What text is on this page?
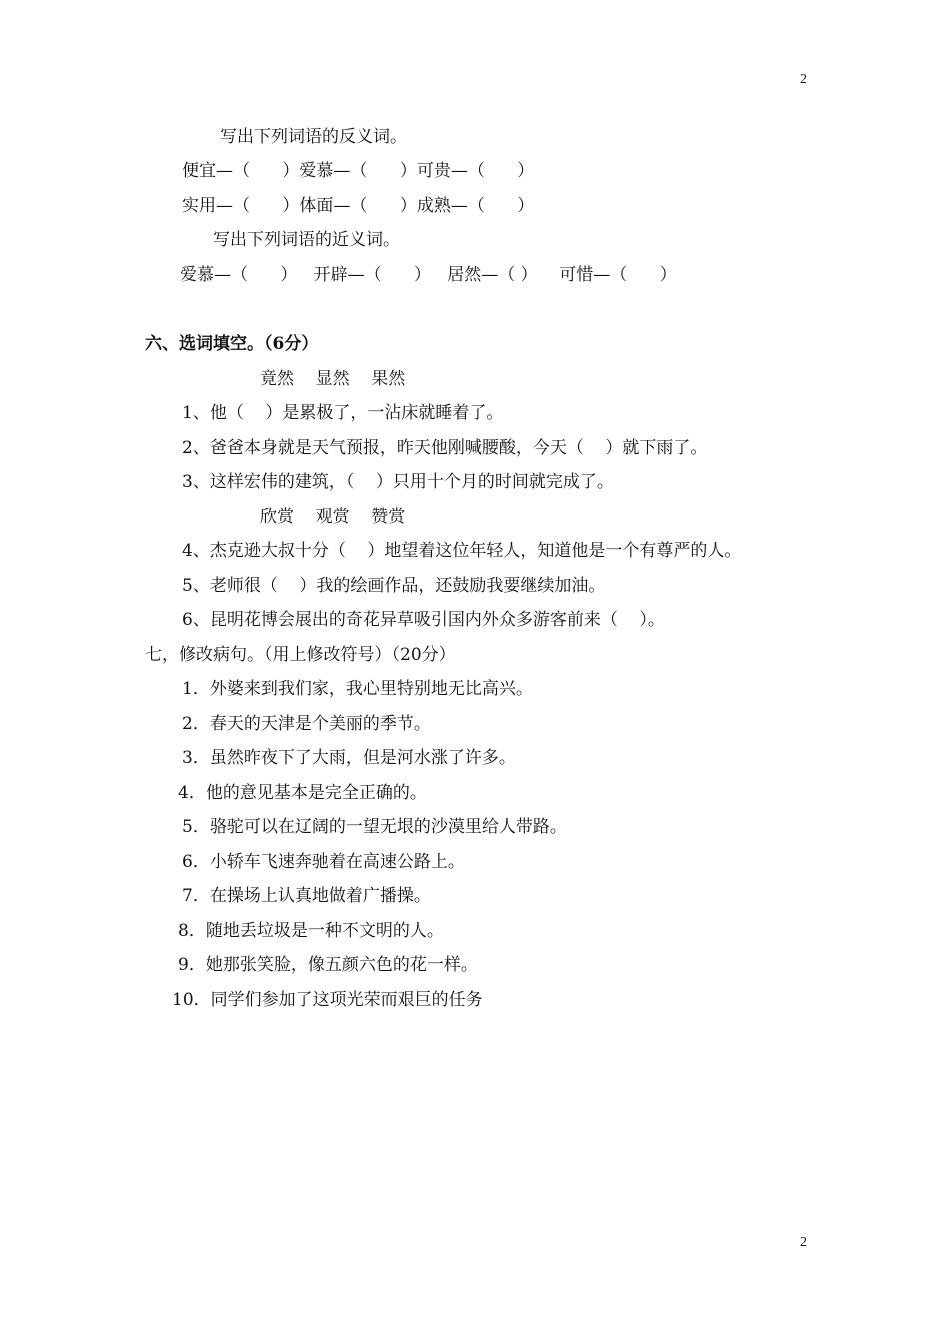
2
写出下列词语的反义词。
便宜—（      ）爱慕—（      ）可贵—（      ）
实用—（      ）体面—（      ）成熟—（      ）
写出下列词语的近义词。
爱慕—（      ）   开辟—（      ）   居然—（ ）    可惜—（      ）
六、选词填空。（6分）
竟然    显然    果然
1、他（    ）是累极了，一沾床就睡着了。
2、爸爸本身就是天气预报，昨天他刚喊腰酸，今天（    ）就下雨了。
3、这样宏伟的建筑，（    ）只用十个月的时间就完成了。
欣赏    观赏    赞赏
4、杰克逊大叔十分（    ）地望着这位年轻人，知道他是一个有尊严的人。
5、老师很（    ）我的绘画作品，还鼓励我要继续加油。
6、昆明花博会展出的奇花异草吸引国内外众多游客前来（    ）。
七，修改病句。（用上修改符号）（20分）
1．外婆来到我们家，我心里特别地无比高兴。
2．春天的天津是个美丽的季节。
3．虽然昨夜下了大雨，但是河水涨了许多。
4．他的意见基本是完全正确的。
5．骆驼可以在辽阔的一望无垠的沙漠里给人带路。
6．小轿车飞速奔驰着在高速公路上。
7．在操场上认真地做着广播操。
8．随地丢垃圾是一种不文明的人。
9．她那张笑脸，像五颜六色的花一样。
10．同学们参加了这项光荣而艰巨的任务
2
